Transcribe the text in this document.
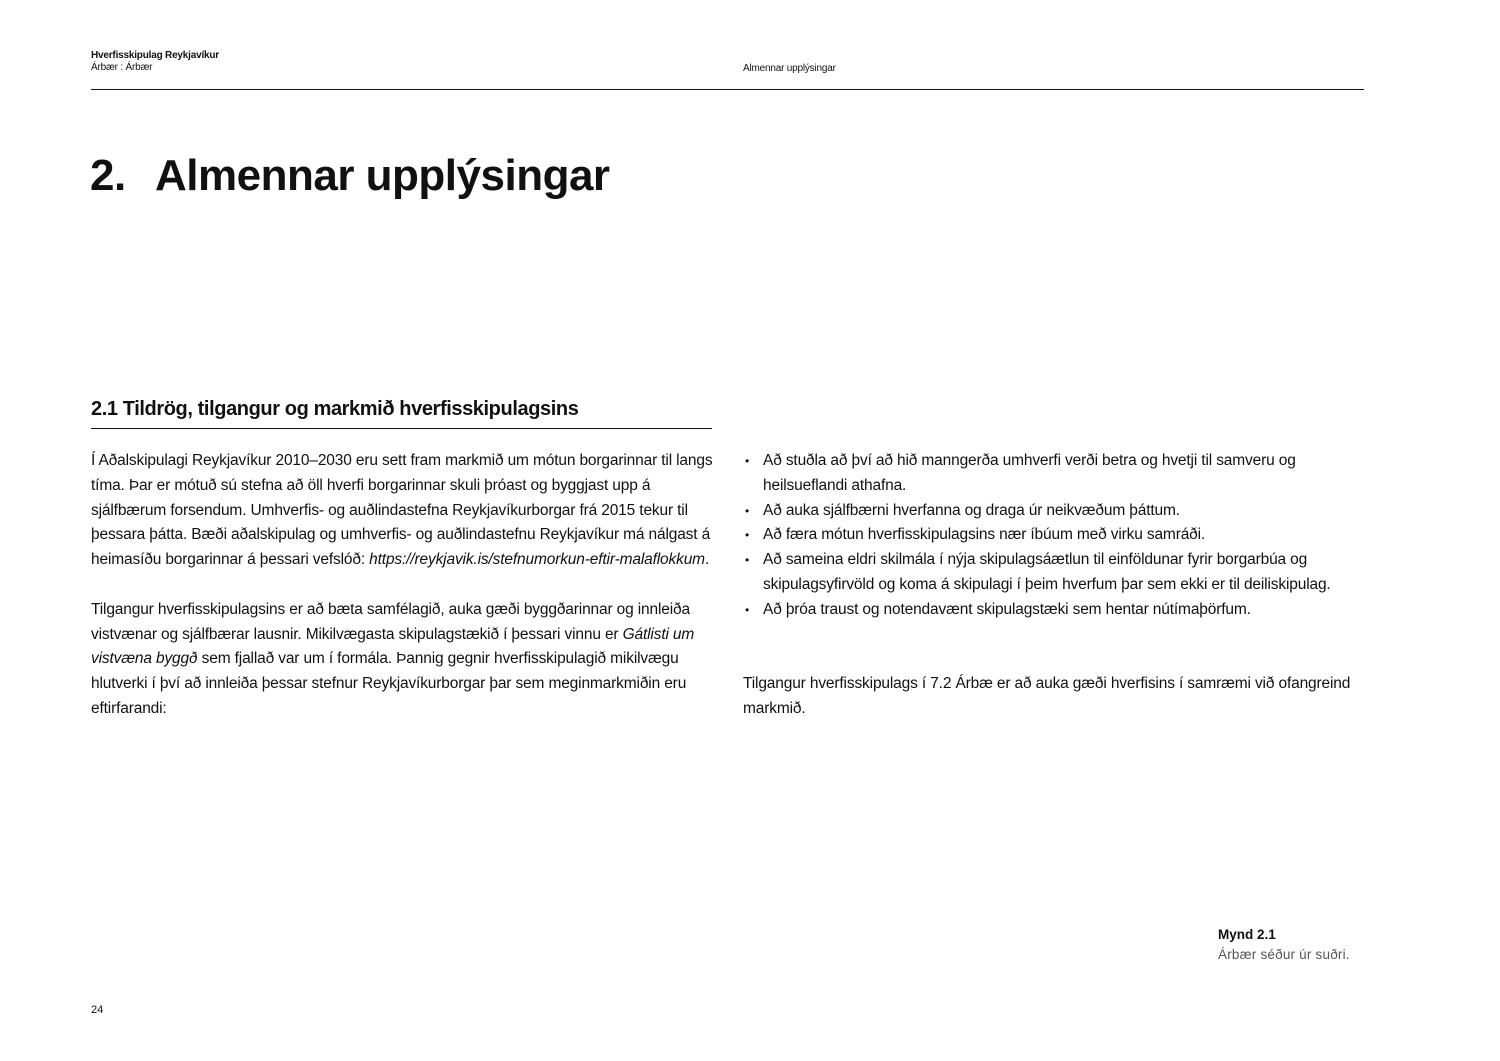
Hverfisskipulag Reykjavíkur
Árbær : Árbær	Almennar upplýsingar
2. Almennar upplýsingar
2.1 Tildrög, tilgangur og markmið hverfisskipulagsins

Í Aðalskipulagi Reykjavíkur 2010–2030 eru sett fram markmið um mótun borgarinnar til langs tíma. Þar er mótuð sú stefna að öll hverfi borgarinnar skuli þróast og byggjast upp á sjálfbærum forsendum. Umhverfis- og auðlindastefna Reykjavíkurborgar frá 2015 tekur til þessara þátta. Bæði aðalskipulag og umhverfis- og auðlindastefnu Reykjavíkur má nálgast á heimasíðu borgarinnar á þessari vefslóð: https://reykjavik.is/stefnumorkun-eftir-malaflokkum.

Tilgangur hverfisskipulagsins er að bæta samfélagið, auka gæði byggðarinnar og innleiða vistvænar og sjálfbærar lausnir. Mikilvægasta skipulagstækið í þessari vinnu er Gátlisti um vistvæna byggð sem fjallað var um í formála. Þannig gegnir hverfisskipulagið mikilvægu hlutverki í því að innleiða þessar stefnur Reykjavíkurborgar þar sem meginmarkmiðin eru eftirfarandi:

• Að stuðla að því að hið manngerða umhverfi verði betra og hvetji til samveru og heilsueflandi athafna.
• Að auka sjálfbærni hverfanna og draga úr neikvæðum þáttum.
• Að færa mótun hverfisskipulagsins nær íbúum með virku samráði.
• Að sameina eldri skilmála í nýja skipulagsáætlun til einföldunar fyrir borgarbúa og skipulagsyfirvöld og koma á skipulagi í þeim hverfum þar sem ekki er til deiliskipulag.
• Að þróa traust og notendavænt skipulagstæki sem hentar nútímaþörfum.

Tilgangur hverfisskipulags í 7.2 Árbæ er að auka gæði hverfisins í samræmi við ofangreind markmið.

Mynd 2.1
Árbær séður úr suðri.
24
